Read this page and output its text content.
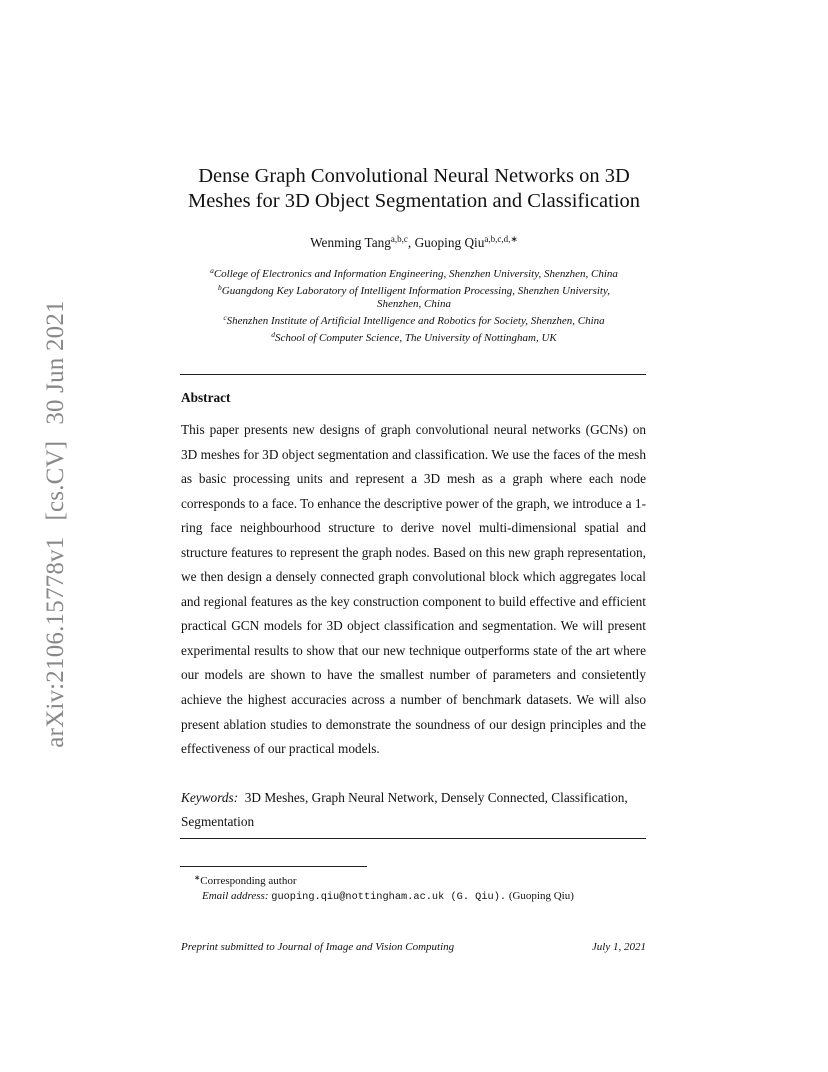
arXiv:2106.15778v1[cs.CV]30 Jun 2021
Dense Graph Convolutional Neural Networks on 3D
Meshes for 3D Object Segmentation and Classification
Wenming Tang$^{a,b,c}$, Guoping Qiu$^{a,b,c,d,∗}$
$^a$College of Electronics and Information Engineering, Shenzhen University, Shenzhen, China
$^b$Guangdong Key Laboratory of Intelligent Information Processing, Shenzhen University,
Shenzhen, China
$^c$Shenzhen Institute of Artificial Intelligence and Robotics for Society, Shenzhen, China
$^d$School of Computer Science, The University of Nottingham, UK
Abstract

This paper presents new designs of graph convolutional neural networks (GCNs) on 3D meshes for 3D object segmentation and classification. We use the faces of the mesh as basic processing units and represent a 3D mesh as a graph where each node corresponds to a face. To enhance the descriptive power of the graph, we introduce a 1-ring face neighbourhood structure to derive novel multi-dimensional spatial and structure features to represent the graph nodes. Based on this new graph representation, we then design a densely connected graph convolutional block which aggregates local and regional features as the key construction component to build effective and efficient practical GCN models for 3D object classification and segmentation. We will present experimental results to show that our new technique outperforms state of the art where our models are shown to have the smallest number of parameters and consietently achieve the highest accuracies across a number of benchmark datasets. We will also present ablation studies to demonstrate the soundness of our design principles and the effectiveness of our practical models.

Keywords: 3D Meshes, Graph Neural Network, Densely Connected, Classification, Segmentation

∗Corresponding author
Email address: guoping.qiu@nottingham.ac.uk (G. Qiu). (Guoping Qiu)
Preprint submitted to Journal of Image and Vision Computing	July 1, 2021
